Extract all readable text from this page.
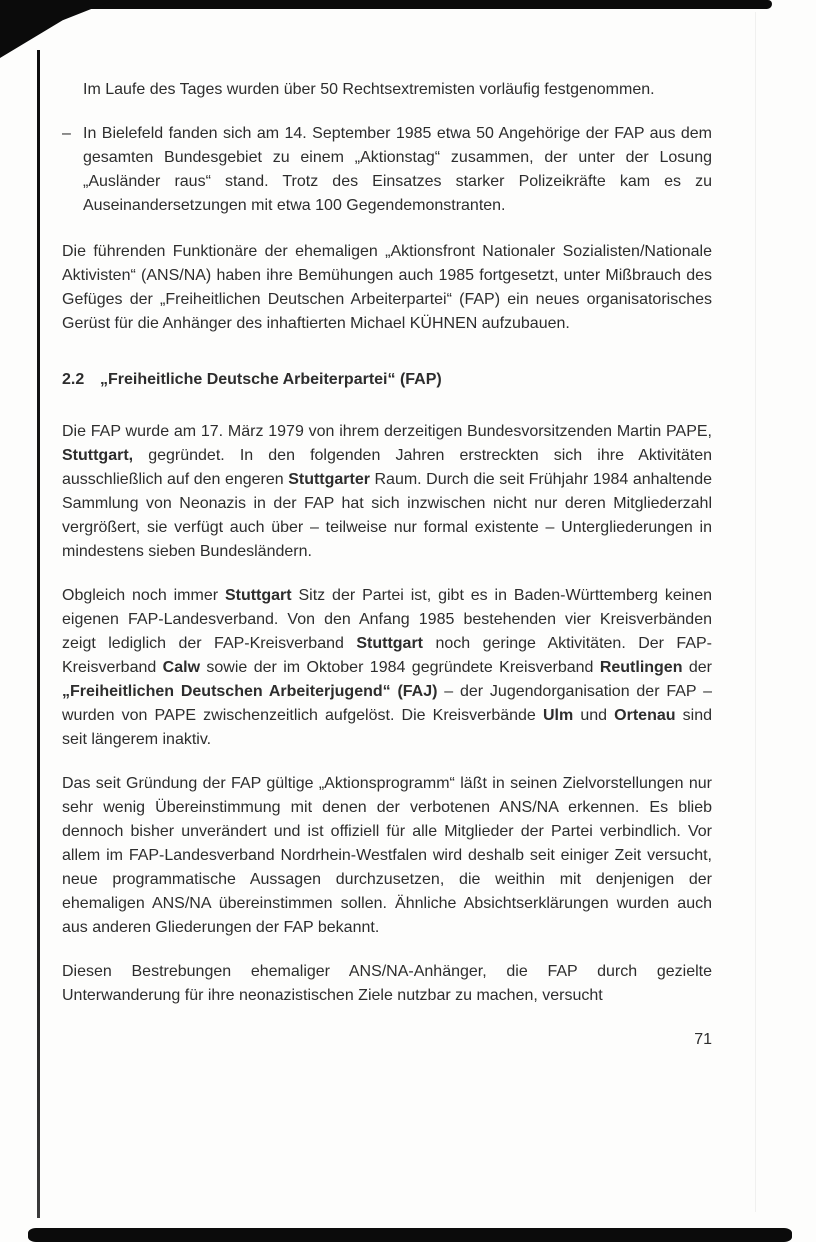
Im Laufe des Tages wurden über 50 Rechtsextremisten vorläufig festgenommen.

– In Bielefeld fanden sich am 14. September 1985 etwa 50 Angehörige der FAP aus dem gesamten Bundesgebiet zu einem „Aktionstag“ zusammen, der unter der Losung „Ausländer raus“ stand. Trotz des Einsatzes starker Polizeikräfte kam es zu Auseinandersetzungen mit etwa 100 Gegendemonstranten.

Die führenden Funktionäre der ehemaligen „Aktionsfront Nationaler Sozialisten/Nationale Aktivisten“ (ANS/NA) haben ihre Bemühungen auch 1985 fortgesetzt, unter Mißbrauch des Gefüges der „Freiheitlichen Deutschen Arbeiterpartei“ (FAP) ein neues organisatorisches Gerüst für die Anhänger des inhaftierten Michael KÜHNEN aufzubauen.

2.2 „Freiheitliche Deutsche Arbeiterpartei“ (FAP)

Die FAP wurde am 17. März 1979 von ihrem derzeitigen Bundesvorsitzenden Martin PAPE, Stuttgart, gegründet. In den folgenden Jahren erstreckten sich ihre Aktivitäten ausschließlich auf den engeren Stuttgarter Raum. Durch die seit Frühjahr 1984 anhaltende Sammlung von Neonazis in der FAP hat sich inzwischen nicht nur deren Mitgliederzahl vergrößert, sie verfügt auch über – teilweise nur formal existente – Untergliederungen in mindestens sieben Bundesländern.

Obgleich noch immer Stuttgart Sitz der Partei ist, gibt es in Baden-Württemberg keinen eigenen FAP-Landesverband. Von den Anfang 1985 bestehenden vier Kreisverbänden zeigt lediglich der FAP-Kreisverband Stuttgart noch geringe Aktivitäten. Der FAP-Kreisverband Calw sowie der im Oktober 1984 gegründete Kreisverband Reutlingen der „Freiheitlichen Deutschen Arbeiterjugend“ (FAJ) – der Jugendorganisation der FAP – wurden von PAPE zwischenzeitlich aufgelöst. Die Kreisverbände Ulm und Ortenau sind seit längerem inaktiv.

Das seit Gründung der FAP gültige „Aktionsprogramm“ läßt in seinen Zielvorstellungen nur sehr wenig Übereinstimmung mit denen der verbotenen ANS/NA erkennen. Es blieb dennoch bisher unverändert und ist offiziell für alle Mitglieder der Partei verbindlich. Vor allem im FAP-Landesverband Nordrhein-Westfalen wird deshalb seit einiger Zeit versucht, neue programmatische Aussagen durchzusetzen, die weithin mit denjenigen der ehemaligen ANS/NA übereinstimmen sollen. Ähnliche Absichtserklärungen wurden auch aus anderen Gliederungen der FAP bekannt.

Diesen Bestrebungen ehemaliger ANS/NA-Anhänger, die FAP durch gezielte Unterwanderung für ihre neonazistischen Ziele nutzbar zu machen, versucht

71
